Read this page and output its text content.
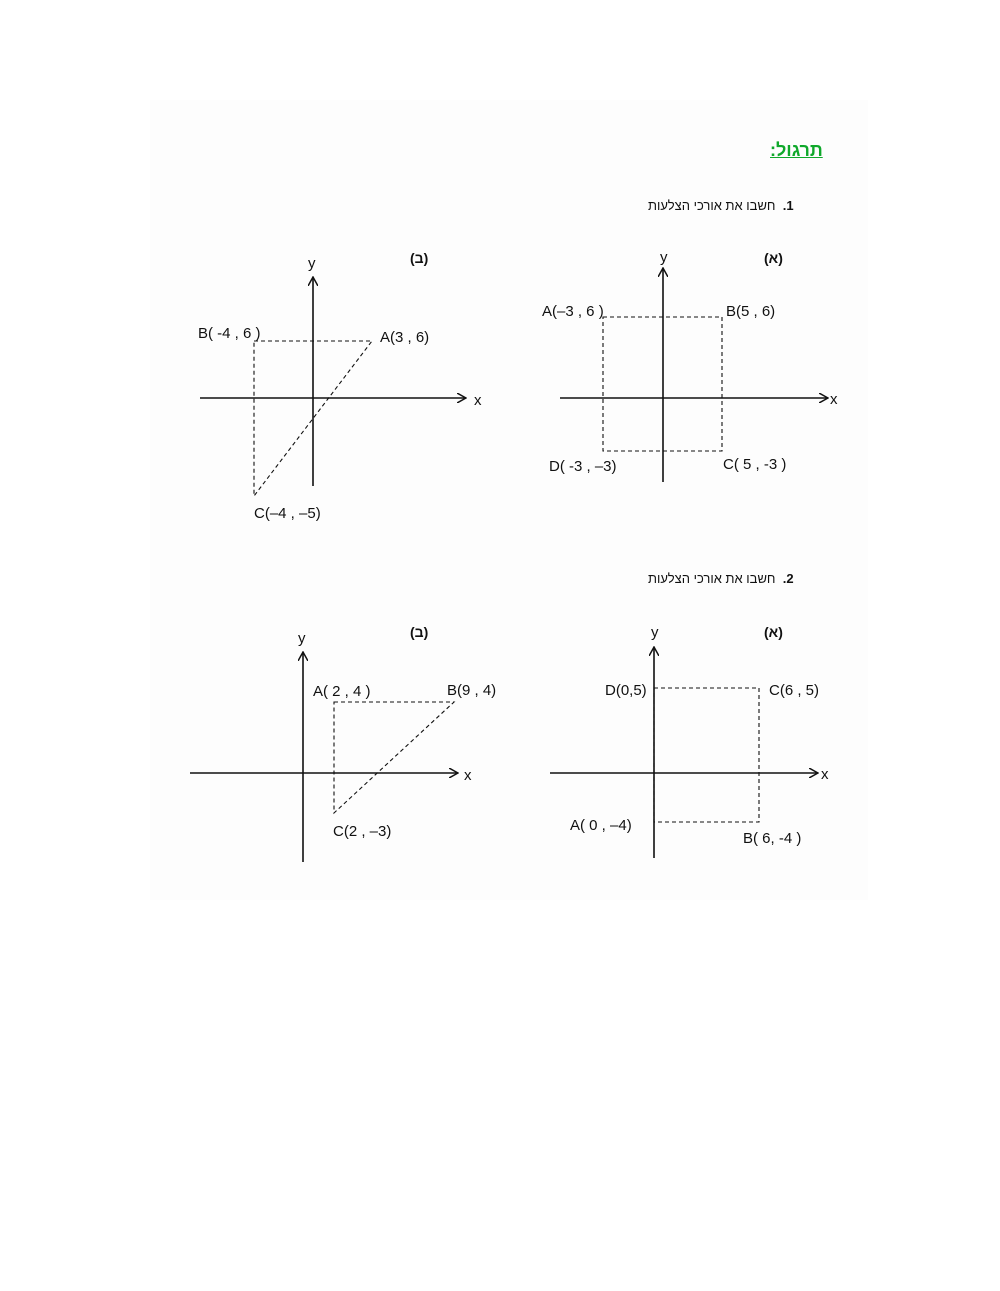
תרגול:
1.  חשבו את אורכי הצלעות
2.  חשבו את אורכי הצלעות
(א)
(ב)
(א)
(ב)
x
y
A(–3 , 6 )	B(5 , 6)
C( 5 , -3 )
D( -3 , –3)
x
y
A(3 , 6)
B( -4 , 6 )
C(–4 , –5)
x
y
D(0,5)	C(6 , 5)
A( 0 , –4)
B( 6, -4 )
x
y
A( 2 , 4 )	B(9 , 4)
C(2 , –3)
